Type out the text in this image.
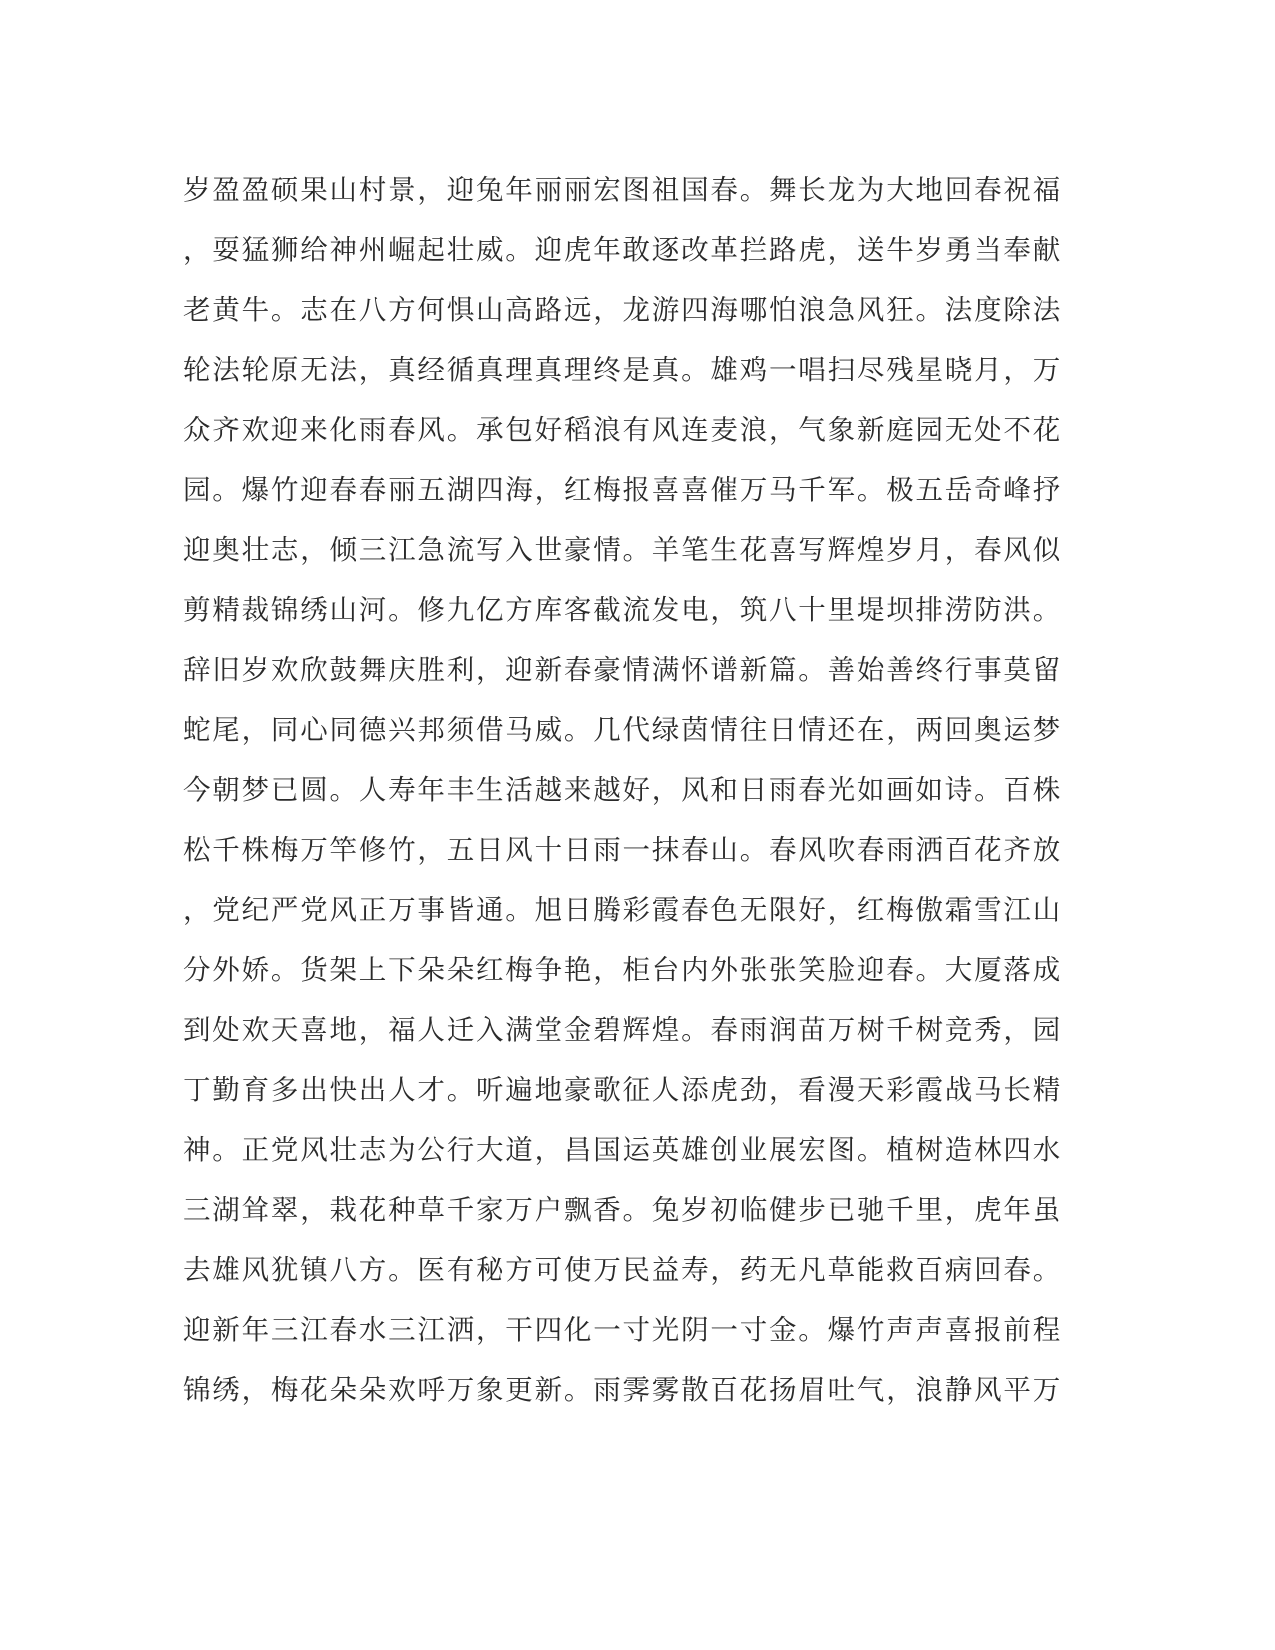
岁盈盈硕果山村景，迎兔年丽丽宏图祖国春。舞长龙为大地回春祝福
，耍猛狮给神州崛起壮威。迎虎年敢逐改革拦路虎，送牛岁勇当奉献
老黄牛。志在八方何惧山高路远，龙游四海哪怕浪急风狂。法度除法
轮法轮原无法，真经循真理真理终是真。雄鸡一唱扫尽残星晓月，万
众齐欢迎来化雨春风。承包好稻浪有风连麦浪，气象新庭园无处不花
园。爆竹迎春春丽五湖四海，红梅报喜喜催万马千军。极五岳奇峰抒
迎奥壮志，倾三江急流写入世豪情。羊笔生花喜写辉煌岁月，春风似
剪精裁锦绣山河。修九亿方库客截流发电，筑八十里堤坝排涝防洪。
辞旧岁欢欣鼓舞庆胜利，迎新春豪情满怀谱新篇。善始善终行事莫留
蛇尾，同心同德兴邦须借马威。几代绿茵情往日情还在，两回奥运梦
今朝梦已圆。人寿年丰生活越来越好，风和日雨春光如画如诗。百株
松千株梅万竿修竹，五日风十日雨一抹春山。春风吹春雨洒百花齐放
，党纪严党风正万事皆通。旭日腾彩霞春色无限好，红梅傲霜雪江山
分外娇。货架上下朵朵红梅争艳，柜台内外张张笑脸迎春。大厦落成
到处欢天喜地，福人迁入满堂金碧辉煌。春雨润苗万树千树竞秀，园
丁勤育多出快出人才。听遍地豪歌征人添虎劲，看漫天彩霞战马长精
神。正党风壮志为公行大道，昌国运英雄创业展宏图。植树造林四水
三湖耸翠，栽花种草千家万户飘香。兔岁初临健步已驰千里，虎年虽
去雄风犹镇八方。医有秘方可使万民益寿，药无凡草能救百病回春。
迎新年三江春水三江洒，干四化一寸光阴一寸金。爆竹声声喜报前程
锦绣，梅花朵朵欢呼万象更新。雨霁雾散百花扬眉吐气，浪静风平万
